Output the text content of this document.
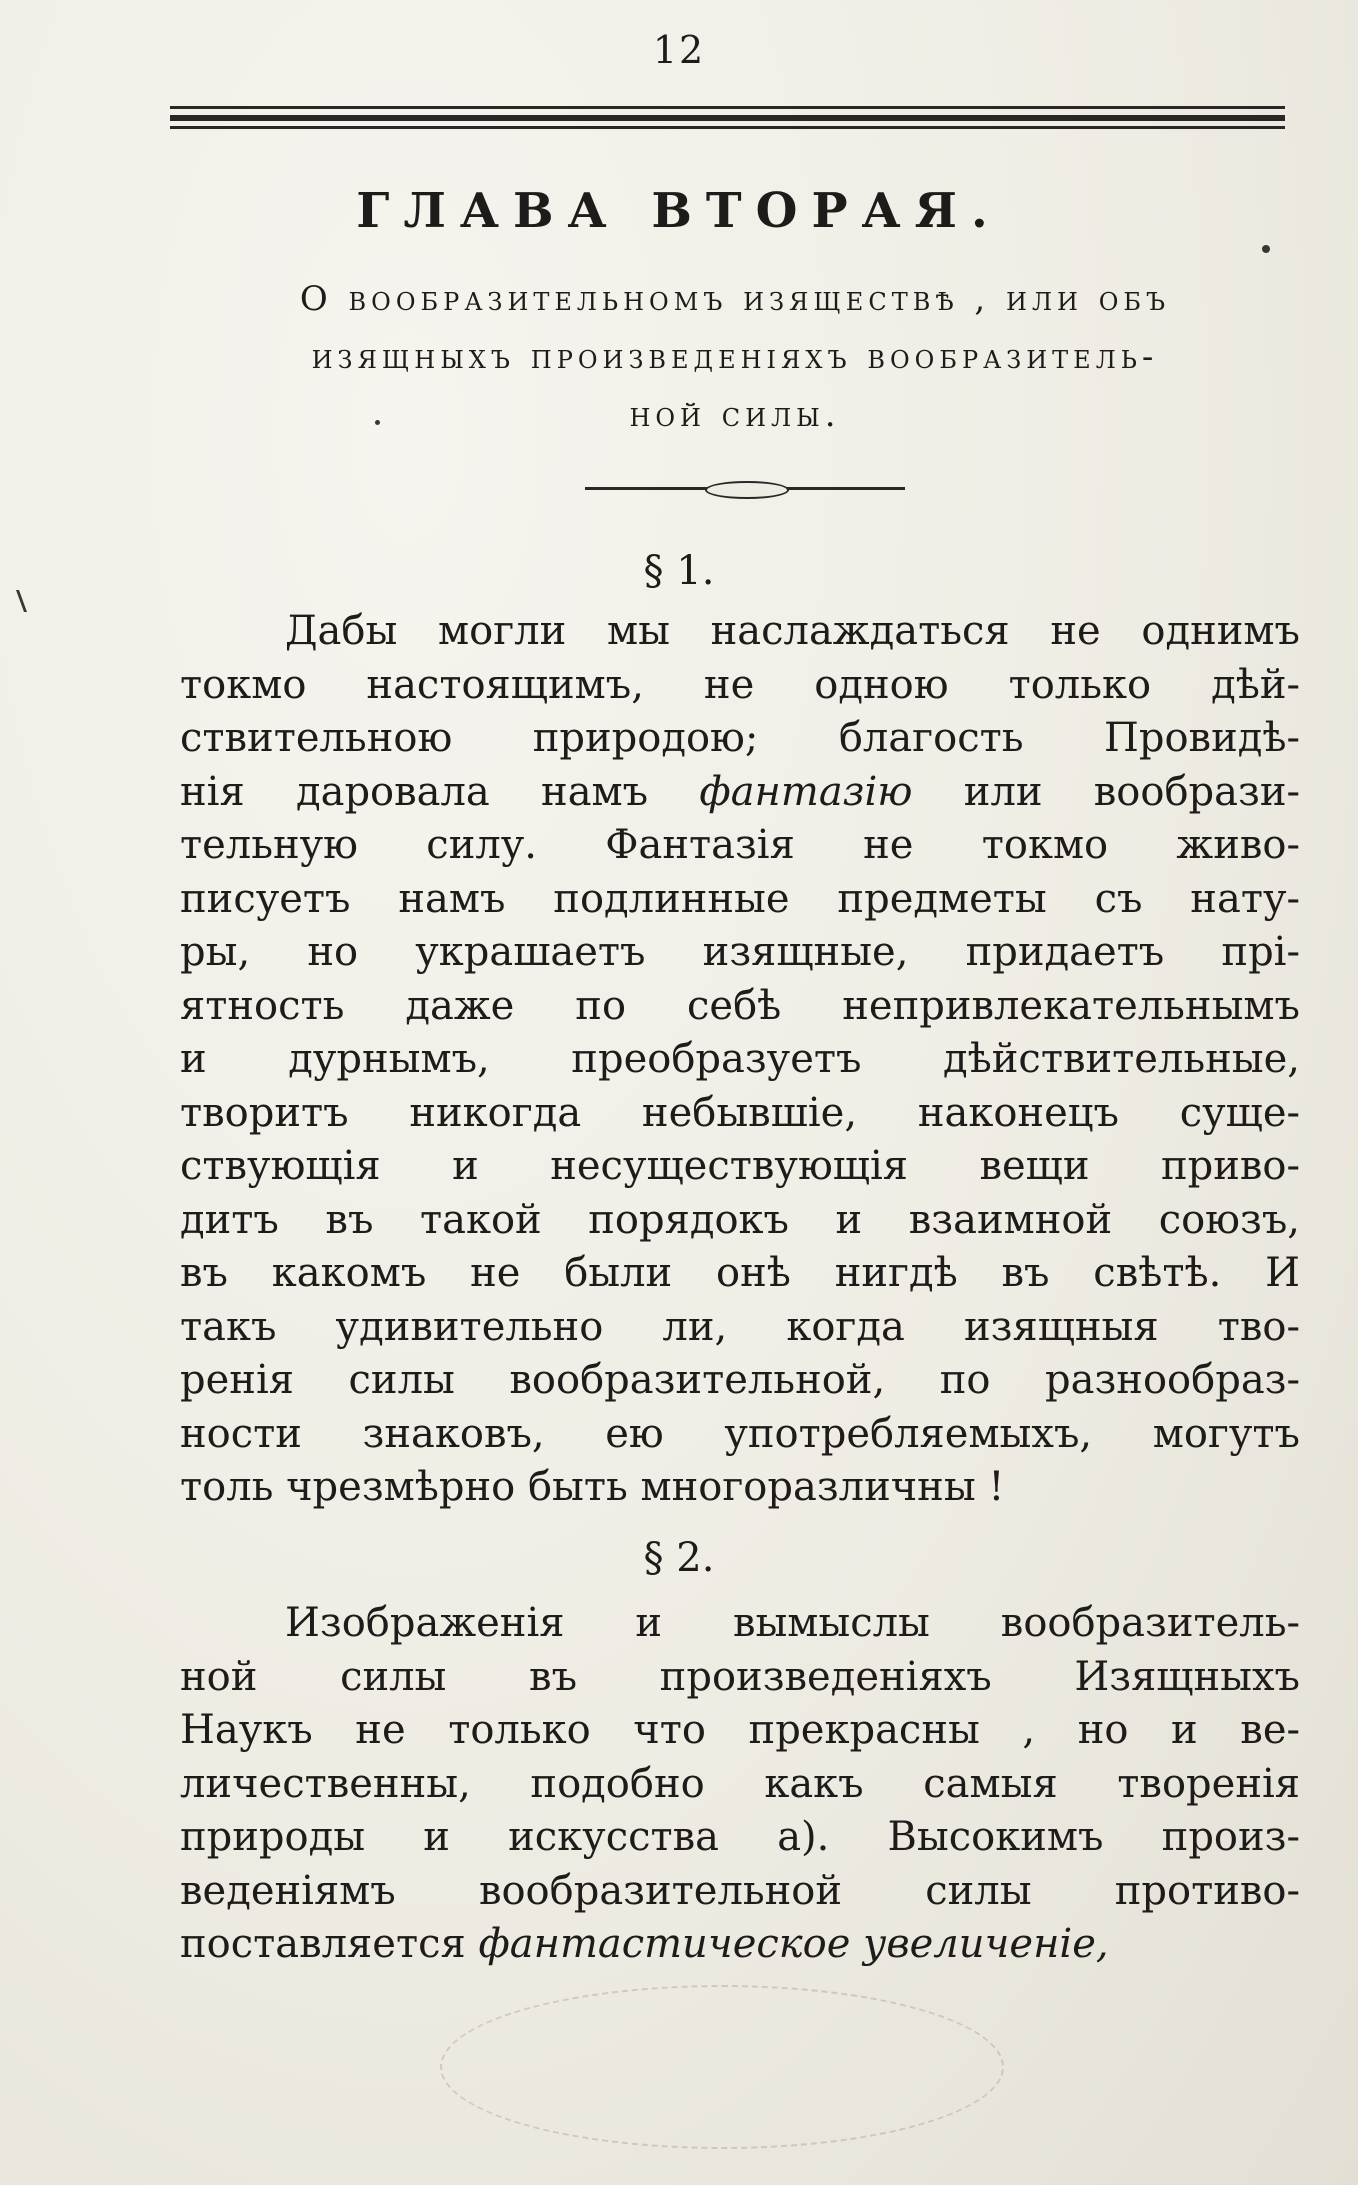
12
ГЛАВА ВТОРАЯ.
О вообразительномъ изяществѣ , или объ
изящныхъ произведенiяхъ вообразитель-
ной силы.
§ 1.
Дабы могли мы наслаждаться не однимъ
токмо настоящимъ, не одною только дѣй-
ствительною природою; благость Провидѣ-
нiя даровала намъ фантазiю или вообрази-
тельную силу. Фантазiя не токмо живо-
писуетъ намъ подлинные предметы съ нату-
ры, но украшаетъ изящные, придаетъ прi-
ятность даже по себѣ непривлекательнымъ
и дурнымъ, преобразуетъ дѣйствительные,
творитъ никогда небывшiе, наконецъ суще-
ствующiя и несуществующiя вещи приво-
дитъ въ такой порядокъ и взаимной союзъ,
въ какомъ не были онѣ нигдѣ въ свѣтѣ. И
такъ удивительно ли, когда изящныя тво-
ренiя силы вообразительной, по разнообраз-
ности знаковъ, ею употребляемыхъ, могутъ
толь чрезмѣрно быть многоразличны !
§ 2.
Изображенiя и вымыслы вообразитель-
ной силы въ произведенiяхъ Изящныхъ
Наукъ не только что прекрасны , но и ве-
личественны, подобно какъ самыя творенiя
природы и искусства а). Высокимъ произ-
веденiямъ вообразительной силы противо-
поставляется фантастическое увеличенiе,
